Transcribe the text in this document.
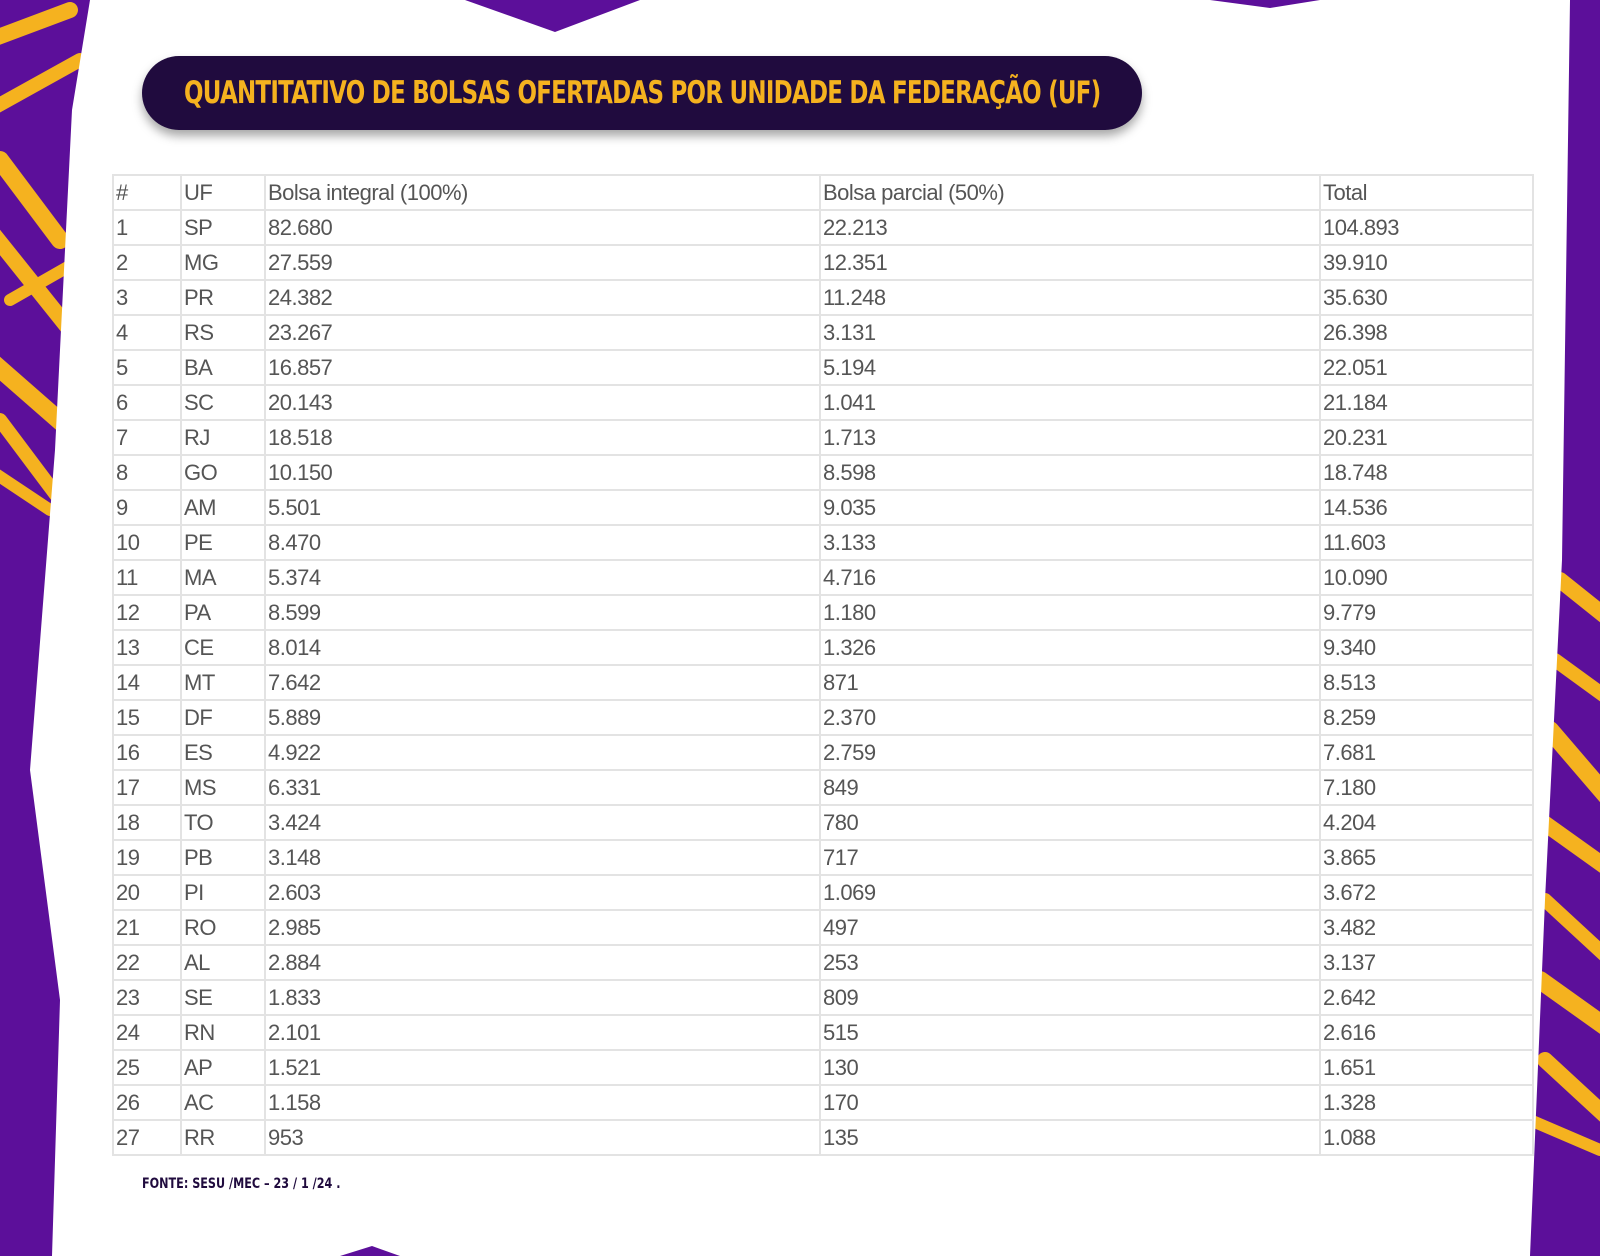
QUANTITATIVO DE BOLSAS OFERTADAS POR UNIDADE DA FEDERAÇÃO (UF)
#	UF	Bolsa integral (100%)	Bolsa parcial (50%)	Total
1	SP	82.680	22.213	104.893
2	MG	27.559	12.351	39.910
3	PR	24.382	11.248	35.630
4	RS	23.267	3.131	26.398
5	BA	16.857	5.194	22.051
6	SC	20.143	1.041	21.184
7	RJ	18.518	1.713	20.231
8	GO	10.150	8.598	18.748
9	AM	5.501	9.035	14.536
10	PE	8.470	3.133	11.603
11	MA	5.374	4.716	10.090
12	PA	8.599	1.180	9.779
13	CE	8.014	1.326	9.340
14	MT	7.642	871	8.513
15	DF	5.889	2.370	8.259
16	ES	4.922	2.759	7.681
17	MS	6.331	849	7.180
18	TO	3.424	780	4.204
19	PB	3.148	717	3.865
20	PI	2.603	1.069	3.672
21	RO	2.985	497	3.482
22	AL	2.884	253	3.137
23	SE	1.833	809	2.642
24	RN	2.101	515	2.616
25	AP	1.521	130	1.651
26	AC	1.158	170	1.328
27	RR	953	135	1.088
FONTE: SESU /MEC – 23 / 1 /24 .
